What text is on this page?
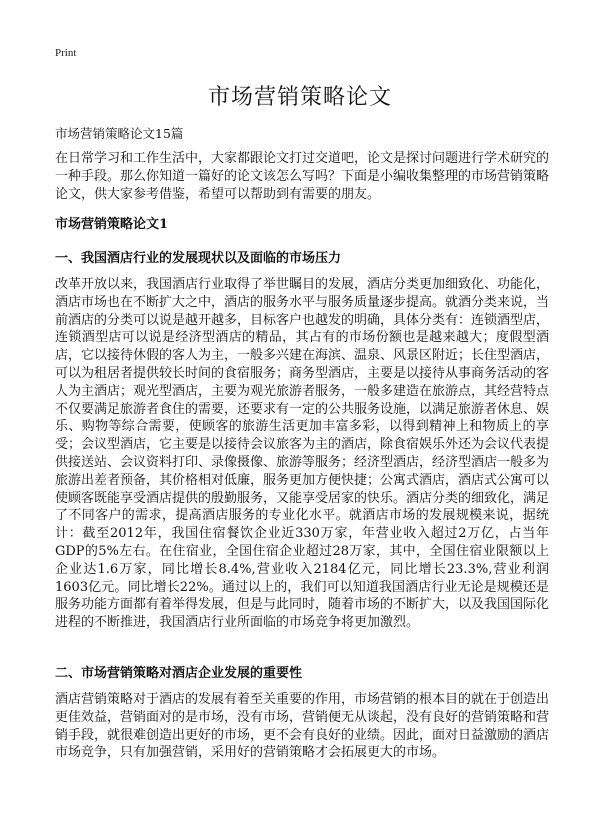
Print
市场营销策略论文
市场营销策略论文15篇

在日常学习和工作生活中，大家都跟论文打过交道吧，论文是探讨问题进行学术研究的一种手段。那么你知道一篇好的论文该怎么写吗？下面是小编收集整理的市场营销策略论文，供大家参考借鉴，希望可以帮助到有需要的朋友。

市场营销策略论文1
一、我国酒店行业的发展现状以及面临的市场压力

改革开放以来，我国酒店行业取得了举世瞩目的发展，酒店分类更加细致化、功能化，酒店市场也在不断扩大之中，酒店的服务水平与服务质量逐步提高。就酒分类来说，当前酒店的分类可以说是越开越多，目标客户也越发的明确，具体分类有：连锁酒型店，连锁酒型店可以说是经济型酒店的精品，其占有的市场份额也是越来越大；度假型酒店，它以接待休假的客人为主，一般多兴建在海滨、温泉、风景区附近；长住型酒店，可以为租居者提供较长时间的食宿服务；商务型酒店，主要是以接待从事商务活动的客人为主酒店；观光型酒店，主要为观光旅游者服务，一般多建造在旅游点，其经营特点不仅要满足旅游者食住的需要，还要求有一定的公共服务设施，以满足旅游者休息、娱乐、购物等综合需要，使顾客的旅游生活更加丰富多彩，以得到精神上和物质上的享受；会议型酒店，它主要是以接待会议旅客为主的酒店，除食宿娱乐外还为会议代表提供接送站、会议资料打印、录像摄像、旅游等服务；经济型酒店，经济型酒店一般多为旅游出差者预备，其价格相对低廉，服务更加方便快捷；公寓式酒店，酒店式公寓可以使顾客既能享受酒店提供的殷勤服务，又能享受居家的快乐。酒店分类的细致化，满足了不同客户的需求，提高酒店服务的专业化水平。就酒店市场的发展规模来说，据统计：截至2012年，我国住宿餐饮企业近330万家，年营业收入超过2万亿，占当年GDP的5%左右。在住宿业，全国住宿企业超过28万家，其中，全国住宿业限额以上企业达1.6万家，同比增长8.4%,营业收入2184亿元，同比增长23.3%,营业利润1603亿元。同比增长22%。通过以上的，我们可以知道我国酒店行业无论是规模还是服务功能方面都有着举得发展，但是与此同时，随着市场的不断扩大，以及我国国际化进程的不断推进，我国酒店行业所面临的市场竞争将更加激烈。

二、市场营销策略对酒店企业发展的重要性

酒店营销策略对于酒店的发展有着至关重要的作用，市场营销的根本目的就在于创造出更佳效益，营销面对的是市场，没有市场，营销便无从谈起，没有良好的营销策略和营销手段，就很难创造出更好的市场，更不会有良好的业绩。因此，面对日益激励的酒店市场竞争，只有加强营销，采用好的营销策略才会拓展更大的市场。
